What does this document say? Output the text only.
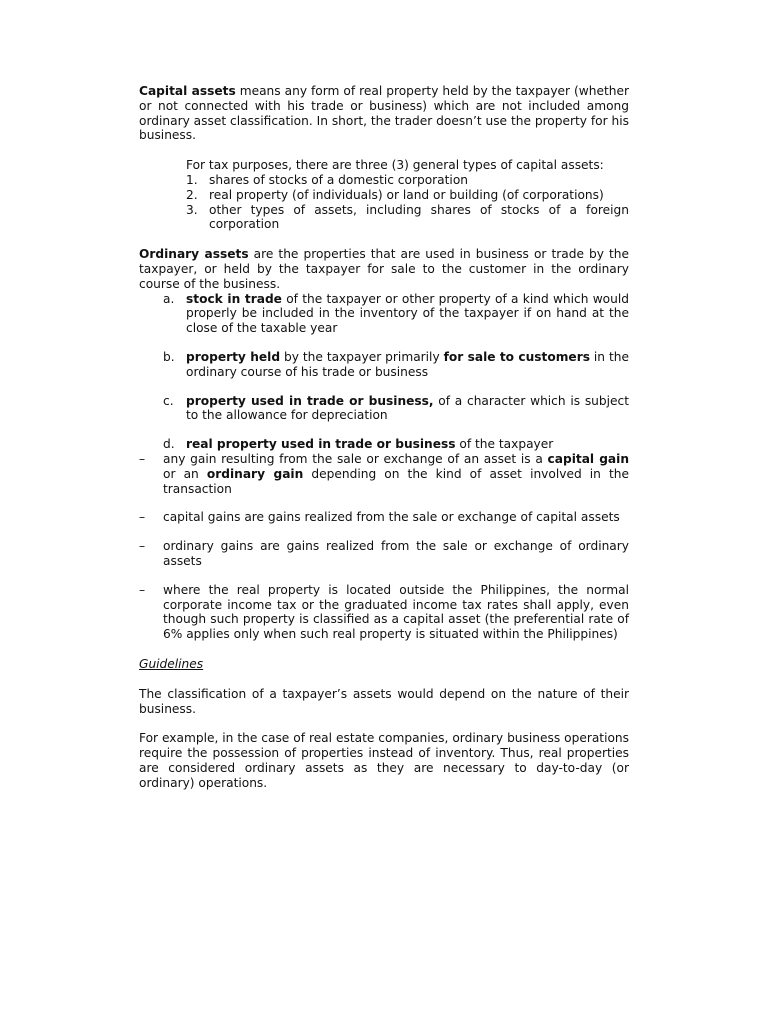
Capital assets means any form of real property held by the taxpayer (whether or not connected with his trade or business) which are not included among ordinary asset classification. In short, the trader doesn’t use the property for his business.

For tax purposes, there are three (3) general types of capital assets:

1. shares of stocks of a domestic corporation
2. real property (of individuals) or land or building (of corporations)
3. other types of assets, including shares of stocks of a foreign corporation

Ordinary assets are the properties that are used in business or trade by the taxpayer, or held by the taxpayer for sale to the customer in the ordinary course of the business.

a. stock in trade of the taxpayer or other property of a kind which would properly be included in the inventory of the taxpayer if on hand at the close of the taxable year
b. property held by the taxpayer primarily for sale to customers in the ordinary course of his trade or business
c. property used in trade or business, of a character which is subject to the allowance for depreciation
d. real property used in trade or business of the taxpayer
– any gain resulting from the sale or exchange of an asset is a capital gain or an ordinary gain depending on the kind of asset involved in the transaction
– capital gains are gains realized from the sale or exchange of capital assets
– ordinary gains are gains realized from the sale or exchange of ordinary assets
– where the real property is located outside the Philippines, the normal corporate income tax or the graduated income tax rates shall apply, even though such property is classified as a capital asset (the preferential rate of 6% applies only when such real property is situated within the Philippines)

Guidelines

The classification of a taxpayer’s assets would depend on the nature of their business.

For example, in the case of real estate companies, ordinary business operations require the possession of properties instead of inventory. Thus, real properties are considered ordinary assets as they are necessary to day-to-day (or ordinary) operations.
